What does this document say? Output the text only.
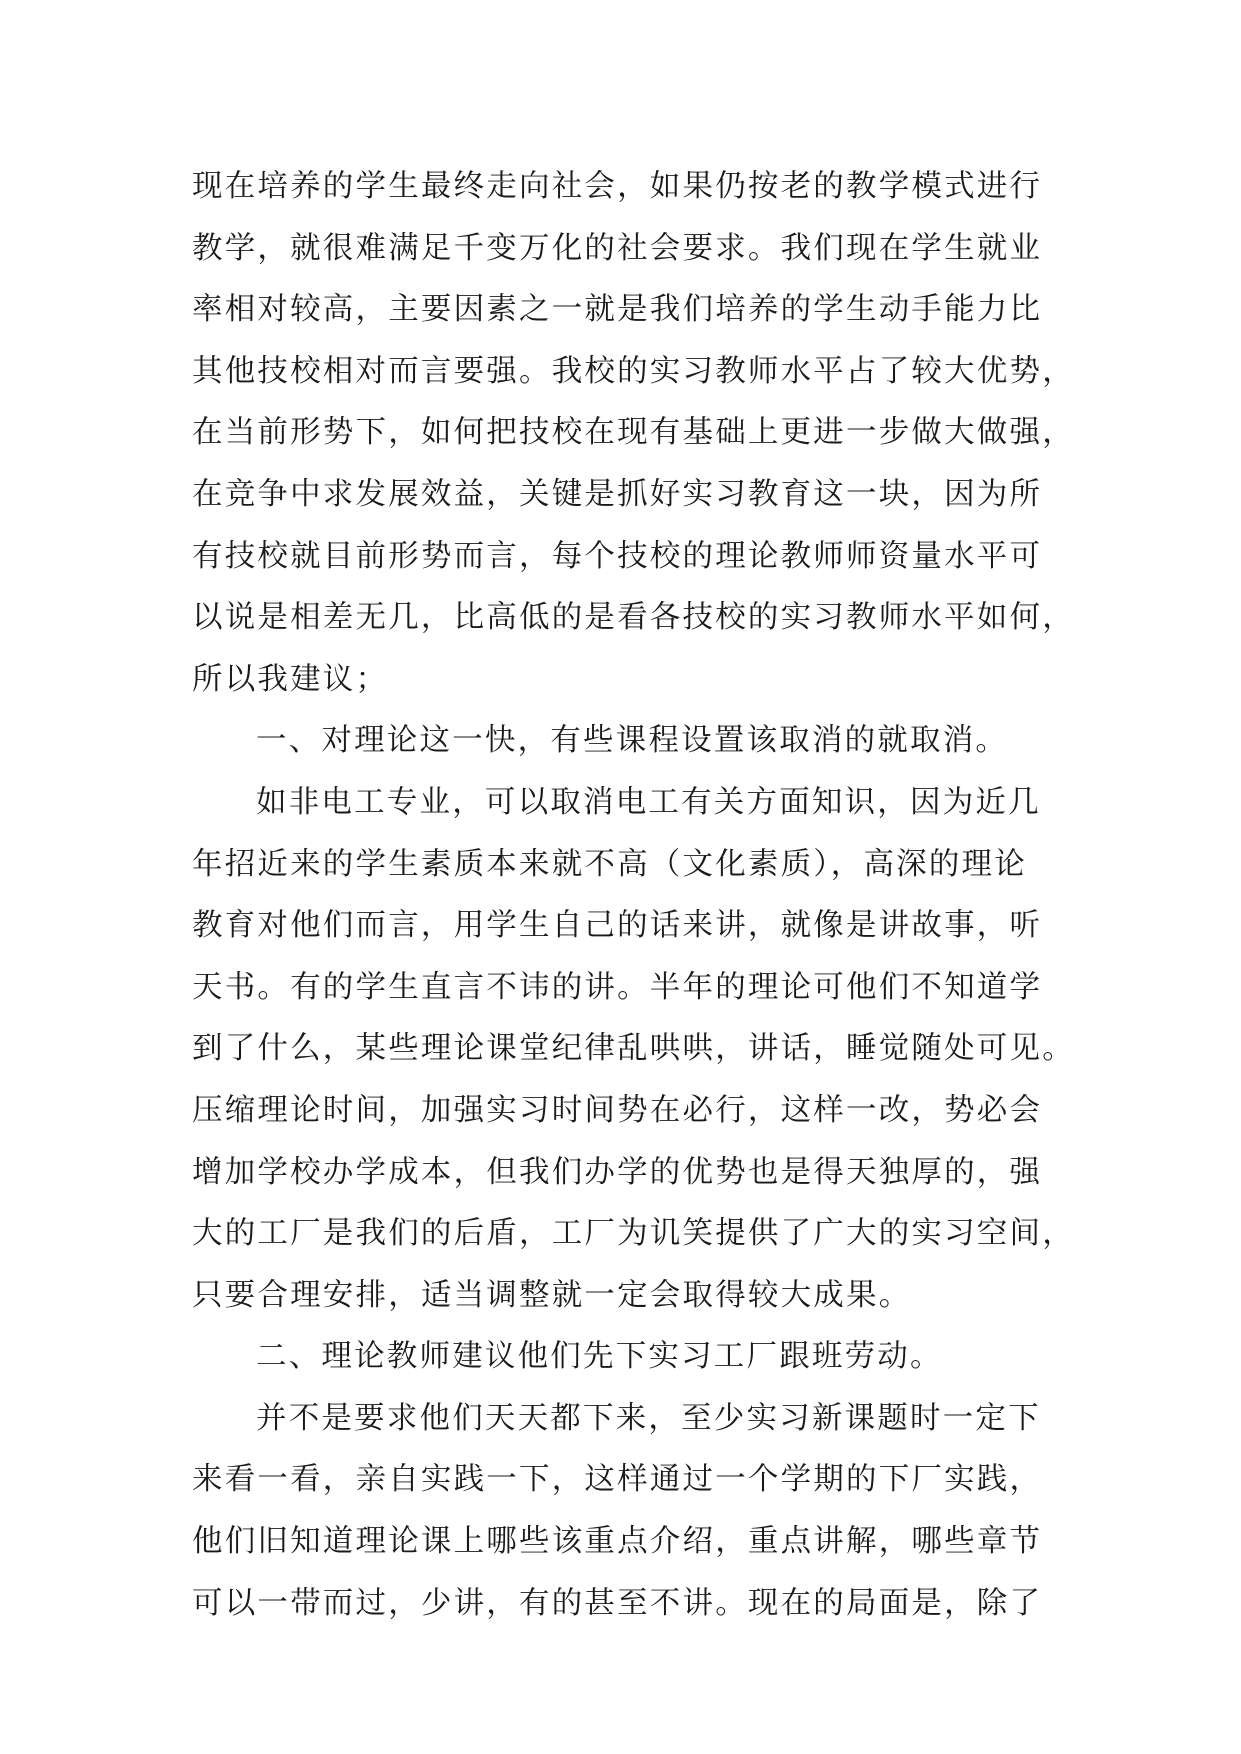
现在培养的学生最终走向社会，如果仍按老的教学模式进行
教学，就很难满足千变万化的社会要求。我们现在学生就业
率相对较高，主要因素之一就是我们培养的学生动手能力比
其他技校相对而言要强。我校的实习教师水平占了较大优势，
在当前形势下，如何把技校在现有基础上更进一步做大做强，
在竞争中求发展效益，关键是抓好实习教育这一块，因为所
有技校就目前形势而言，每个技校的理论教师师资量水平可
以说是相差无几，比高低的是看各技校的实习教师水平如何，
所以我建议；
一、对理论这一快，有些课程设置该取消的就取消。
如非电工专业，可以取消电工有关方面知识，因为近几
年招近来的学生素质本来就不高（文化素质），高深的理论
教育对他们而言，用学生自己的话来讲，就像是讲故事，听
天书。有的学生直言不讳的讲。半年的理论可他们不知道学
到了什么，某些理论课堂纪律乱哄哄，讲话，睡觉随处可见。
压缩理论时间，加强实习时间势在必行，这样一改，势必会
增加学校办学成本，但我们办学的优势也是得天独厚的，强
大的工厂是我们的后盾，工厂为讥笑提供了广大的实习空间，
只要合理安排，适当调整就一定会取得较大成果。
二、理论教师建议他们先下实习工厂跟班劳动。
并不是要求他们天天都下来，至少实习新课题时一定下
来看一看，亲自实践一下，这样通过一个学期的下厂实践，
他们旧知道理论课上哪些该重点介绍，重点讲解，哪些章节
可以一带而过，少讲，有的甚至不讲。现在的局面是，除了
